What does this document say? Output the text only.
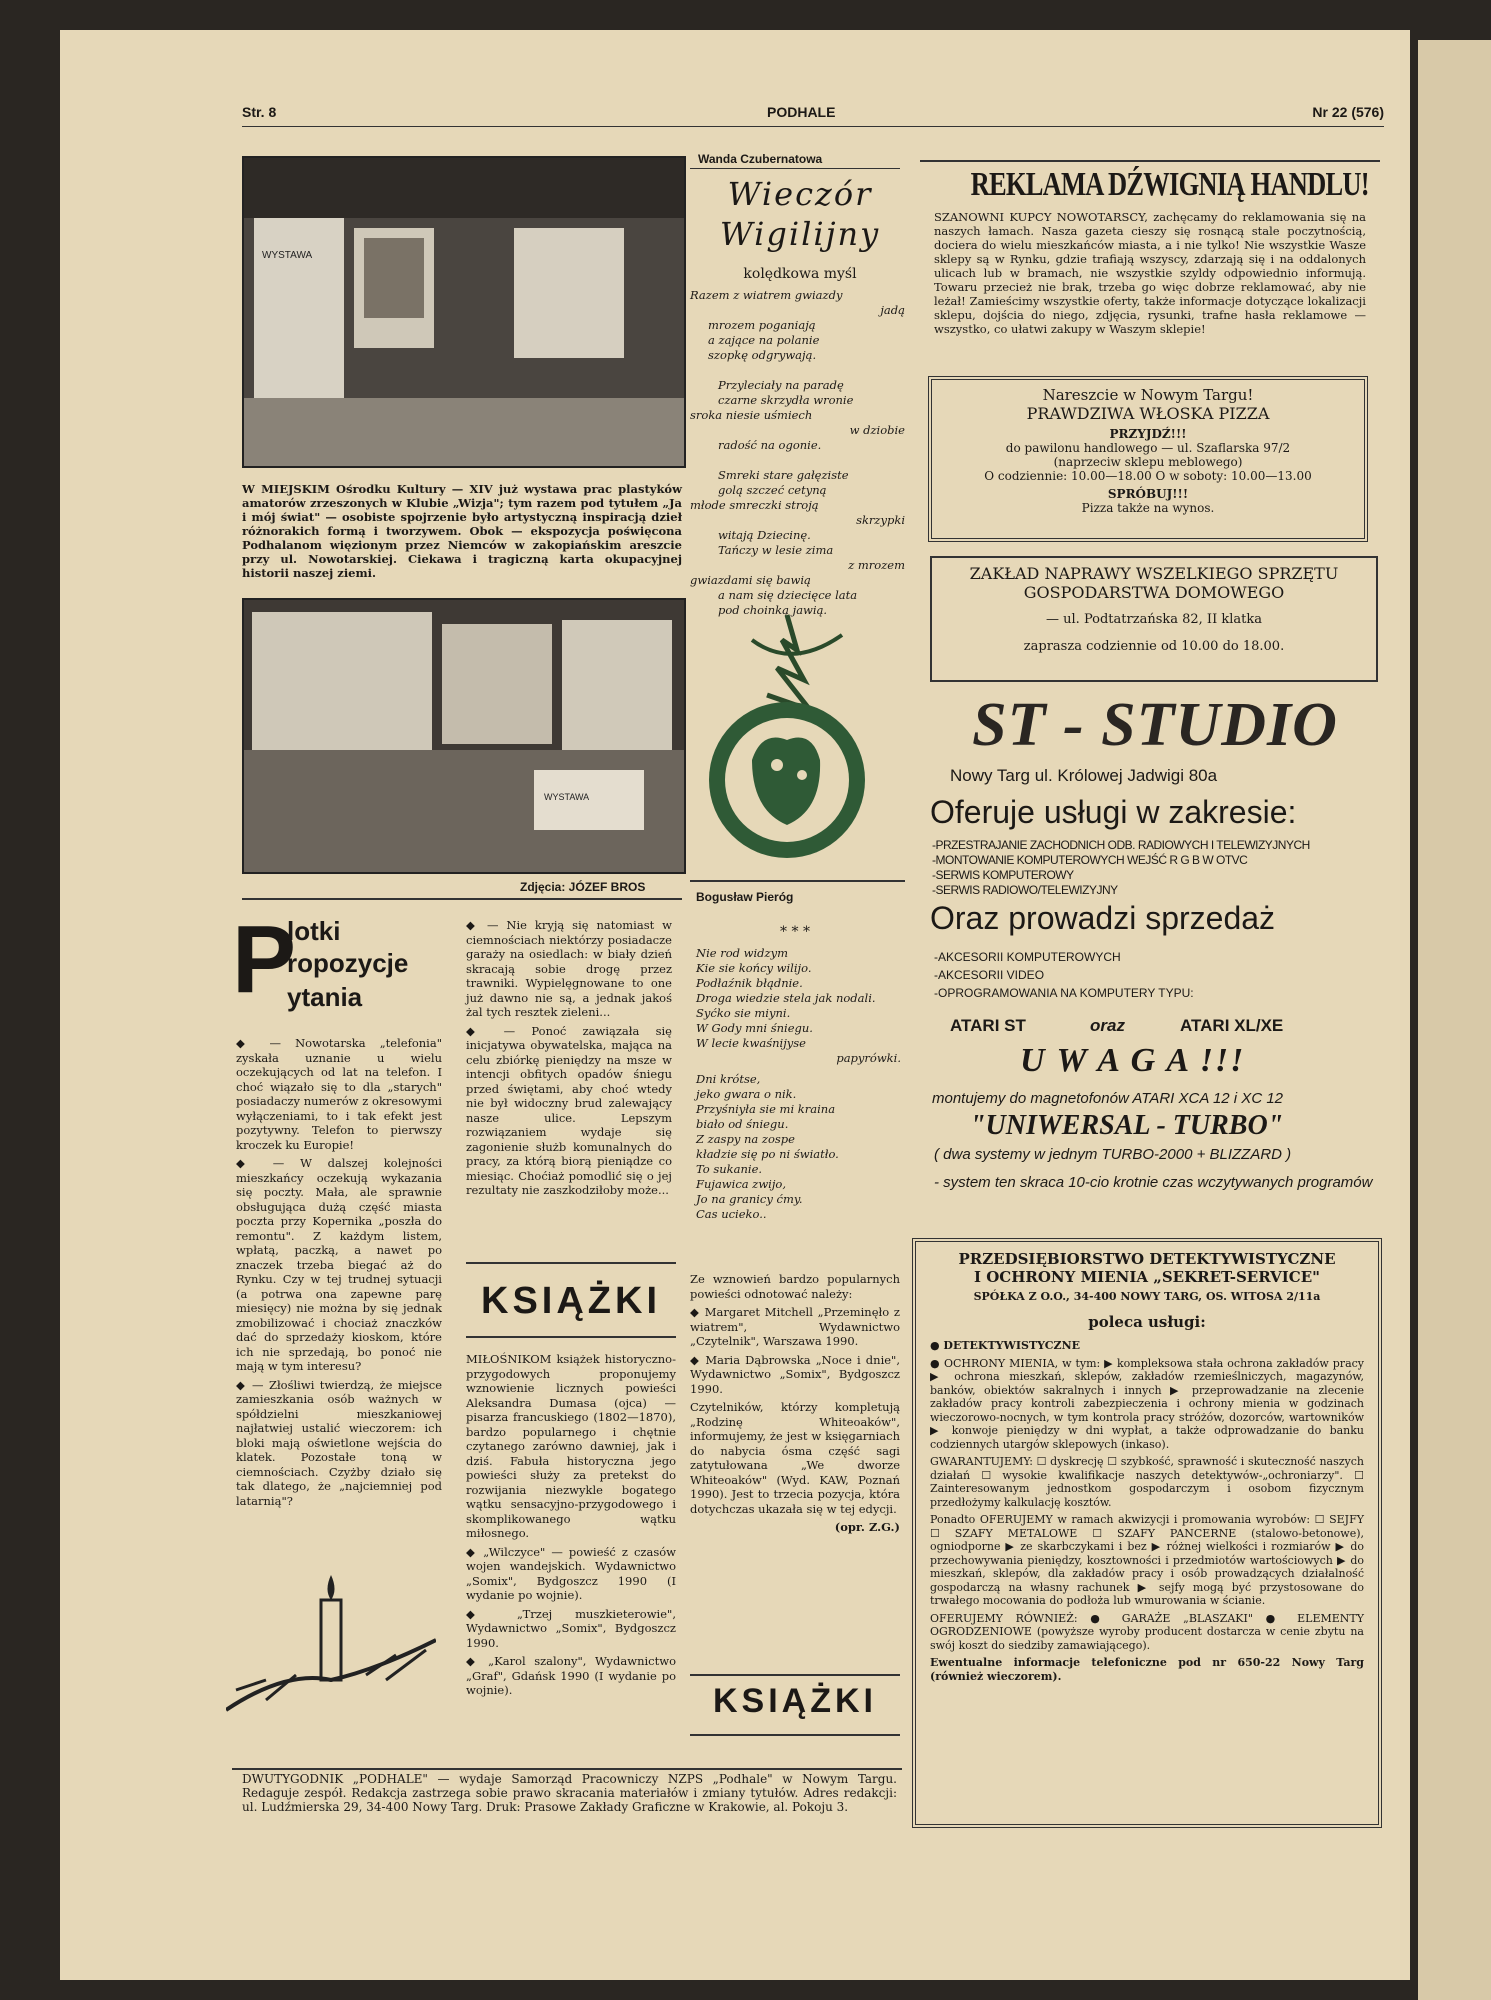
Str. 8	PODHALE	Nr 22 (576)
WYSTAWA
W MIEJSKIM Ośrodku Kultury — XIV już wystawa prac plastyków amatorów zrzeszonych w Klubie „Wizja"; tym razem pod tytułem „Ja i mój świat" — osobiste spojrzenie było artystyczną inspiracją dzieł różnorakich formą i tworzywem. Obok — ekspozycja poświęcona Podhalanom więzionym przez Niemców w zakopiańskim areszcie przy ul. Nowotarskiej. Ciekawa i tragiczną karta okupacyjnej historii naszej ziemi.
WYSTAWA
Zdjęcia: JÓZEF BROS
Wanda Czubernatowa
Wieczór
Wigilijny
kolędkowa myśl

Razem z wiatrem gwiazdy

jadą

mrozem poganiają

a zające na polanie

szopkę odgrywają.

Przyleciały na paradę

czarne skrzydła wronie

sroka niesie uśmiech

w dziobie

radość na ogonie.

Smreki stare gałęziste

golą szczeć cetyną

młode smreczki stroją

skrzypki

witają Dziecinę.

Tańczy w lesie zima

z mrozem

gwiazdami się bawią

a nam się dziecięce lata

pod choinką jawią.

Bogusław Pieróg
* * *

Nie rod widzym

Kie sie końcy wilijo.

Podłaźnik błądnie.

Droga wiedzie stela jak nodali.

Syćko sie miyni.

W Gody mni śniegu.

W lecie kwaśnijyse

papyrówki.

Dni krótse,

jeko gwara o nik.

Przyśniyła sie mi kraina

biało od śniegu.

Z zaspy na zospe

kładzie się po ni światło.

To sukanie.

Fujawica zwijo,

Jo na granicy ćmy.

Cas ucieko..

P
lotki
ropozycje
ytania

◆ — Nowotarska „telefonia" zyskała uznanie u wielu oczekujących od lat na telefon. I choć wiązało się to dla „starych" posiadaczy numerów z okresowymi wyłączeniami, to i tak efekt jest pozytywny. Telefon to pierwszy kroczek ku Europie!

◆ — W dalszej kolejności mieszkańcy oczekują wykazania się poczty. Mała, ale sprawnie obsługująca dużą część miasta poczta przy Kopernika „poszła do remontu". Z każdym listem, wpłatą, paczką, a nawet po znaczek trzeba biegać aż do Rynku. Czy w tej trudnej sytuacji (a potrwa ona zapewne parę miesięcy) nie można by się jednak zmobilizować i chociaż znaczków dać do sprzedaży kioskom, które ich nie sprzedają, bo ponoć nie mają w tym interesu?

◆ — Złośliwi twierdzą, że miejsce zamieszkania osób ważnych w spółdzielni mieszkaniowej najłatwiej ustalić wieczorem: ich bloki mają oświetlone wejścia do klatek. Pozostałe toną w ciemnościach. Czyżby działo się tak dlatego, że „najciemniej pod latarnią"?

◆ — Nie kryją się natomiast w ciemnościach niektórzy posiadacze garaży na osiedlach: w biały dzień skracają sobie drogę przez trawniki. Wypielęgnowane to one już dawno nie są, a jednak jakoś żal tych resztek zieleni...

◆ — Ponoć zawiązała się inicjatywa obywatelska, mająca na celu zbiórkę pieniędzy na msze w intencji obfitych opadów śniegu przed świętami, aby choć wtedy nie był widoczny brud zalewający nasze ulice. Lepszym rozwiązaniem wydaje się zagonienie służb komunalnych do pracy, za którą biorą pieniądze co miesiąc. Choćiaż pomodlić się o jej rezultaty nie zaszkodziłoby może...

KSIĄŻKI

MIŁOŚNIKOM książek historyczno-przygodowych proponujemy wznowienie licznych powieści Aleksandra Dumasa (ojca) — pisarza francuskiego (1802—1870), bardzo popularnego i chętnie czytanego zarówno dawniej, jak i dziś. Fabuła historyczna jego powieści służy za pretekst do rozwijania niezwykle bogatego wątku sensacyjno-przygodowego i skomplikowanego wątku miłosnego.

◆ „Wilczyce" — powieść z czasów wojen wandejskich. Wydawnictwo „Somix", Bydgoszcz 1990 (I wydanie po wojnie).

◆ „Trzej muszkieterowie", Wydawnictwo „Somix", Bydgoszcz 1990.

◆ „Karol szalony", Wydawnictwo „Graf", Gdańsk 1990 (I wydanie po wojnie).

Ze wznowień bardzo popularnych powieści odnotować należy:

◆ Margaret Mitchell „Przeminęło z wiatrem", Wydawnictwo „Czytelnik", Warszawa 1990.

◆ Maria Dąbrowska „Noce i dnie", Wydawnictwo „Somix", Bydgoszcz 1990.

Czytelników, którzy kompletują „Rodzinę Whiteoaków", informujemy, że jest w księgarniach do nabycia ósma część sagi zatytułowana „We dworze Whiteoaków" (Wyd. KAW, Poznań 1990). Jest to trzecia pozycja, która dotychczas ukazała się w tej edycji.

(opr. Z.G.)

KSIĄŻKI
DWUTYGODNIK „PODHALE" — wydaje Samorząd Pracowniczy NZPS „Podhale" w Nowym Targu. Redaguje zespół. Redakcja zastrzega sobie prawo skracania materiałów i zmiany tytułów. Adres redakcji: ul. Ludźmierska 29, 34-400 Nowy Targ. Druk: Prasowe Zakłady Graficzne w Krakowie, al. Pokoju 3.
REKLAMA DŹWIGNIĄ HANDLU!
SZANOWNI KUPCY NOWOTARSCY, zachęcamy do reklamowania się na naszych łamach. Nasza gazeta cieszy się rosnącą stale poczytnością, dociera do wielu mieszkańców miasta, a i nie tylko! Nie wszystkie Wasze sklepy są w Rynku, gdzie trafiają wszyscy, zdarzają się i na oddalonych ulicach lub w bramach, nie wszystkie szyldy odpowiednio informują. Towaru przecież nie brak, trzeba go więc dobrze reklamować, aby nie leżał! Zamieścimy wszystkie oferty, także informacje dotyczące lokalizacji sklepu, dojścia do niego, zdjęcia, rysunki, trafne hasła reklamowe — wszystko, co ułatwi zakupy w Waszym sklepie!
Nareszcie w Nowym Targu!
PRAWDZIWA WŁOSKA PIZZA
PRZYJDŹ!!!
do pawilonu handlowego — ul. Szaflarska 97/2
(naprzeciw sklepu meblowego)
O codziennie: 10.00—18.00 O w soboty: 10.00—13.00
SPRÓBUJ!!!
Pizza także na wynos.
ZAKŁAD NAPRAWY WSZELKIEGO SPRZĘTU
GOSPODARSTWA DOMOWEGO
— ul. Podtatrzańska 82, II klatka
zaprasza codziennie od 10.00 do 18.00.
ST - STUDIO
Nowy Targ ul. Królowej Jadwigi 80a
Oferuje usługi w zakresie:
-PRZESTRAJANIE ZACHODNICH ODB. RADIOWYCH I TELEWIZYJNYCH
-MONTOWANIE KOMPUTEROWYCH WEJŚĆ R G B W OTVC
-SERWIS KOMPUTEROWY
-SERWIS RADIOWO/TELEWIZYJNY
Oraz prowadzi sprzedaż
-AKCESORII KOMPUTEROWYCH
-AKCESORII VIDEO
-OPROGRAMOWANIA NA KOMPUTERY TYPU:
ATARI ST	oraz	ATARI XL/XE
U W A G A !!!
montujemy do magnetofonów ATARI XCA 12 i XC 12
"UNIWERSAL - TURBO"
( dwa systemy w jednym TURBO-2000 + BLIZZARD )
- system ten skraca 10-cio krotnie czas wczytywanych programów
PRZEDSIĘBIORSTWO DETEKTYWISTYCZNE
I OCHRONY MIENIA „SEKRET-SERVICE"
SPÓŁKA Z O.O., 34-400 NOWY TARG, OS. WITOSA 2/11a
poleca usługi:

● DETEKTYWISTYCZNE

● OCHRONY MIENIA, w tym: ▶ kompleksowa stała ochrona zakładów pracy ▶ ochrona mieszkań, sklepów, zakładów rzemieślniczych, magazynów, banków, obiektów sakralnych i innych ▶ przeprowadzanie na zlecenie zakładów pracy kontroli zabezpieczenia i ochrony mienia w godzinach wieczorowo-nocnych, w tym kontrola pracy stróżów, dozorców, wartowników ▶ konwoje pieniędzy w dni wypłat, a także odprowadzanie do banku codziennych utargów sklepowych (inkaso).

GWARANTUJEMY: ☐ dyskrecję ☐ szybkość, sprawność i skuteczność naszych działań ☐ wysokie kwalifikacje naszych detektywów-„ochroniarzy". ☐ Zainteresowanym jednostkom gospodarczym i osobom fizycznym przedłożymy kalkulację kosztów.

Ponadto OFERUJEMY w ramach akwizycji i promowania wyrobów: ☐ SEJFY ☐ SZAFY METALOWE ☐ SZAFY PANCERNE (stalowo-betonowe), ogniodporne ▶ ze skarbczykami i bez ▶ różnej wielkości i rozmiarów ▶ do przechowywania pieniędzy, kosztowności i przedmiotów wartościowych ▶ do mieszkań, sklepów, dla zakładów pracy i osób prowadzących działalność gospodarczą na własny rachunek ▶ sejfy mogą być przystosowane do trwałego mocowania do podłoża lub wmurowania w ścianie.

OFERUJEMY RÓWNIEŻ: ● GARAŻE „BLASZAKI" ● ELEMENTY OGRODZENIOWE (powyższe wyroby producent dostarcza w cenie zbytu na swój koszt do siedziby zamawiającego).

Ewentualne informacje telefoniczne pod nr 650-22 Nowy Targ (również wieczorem).
